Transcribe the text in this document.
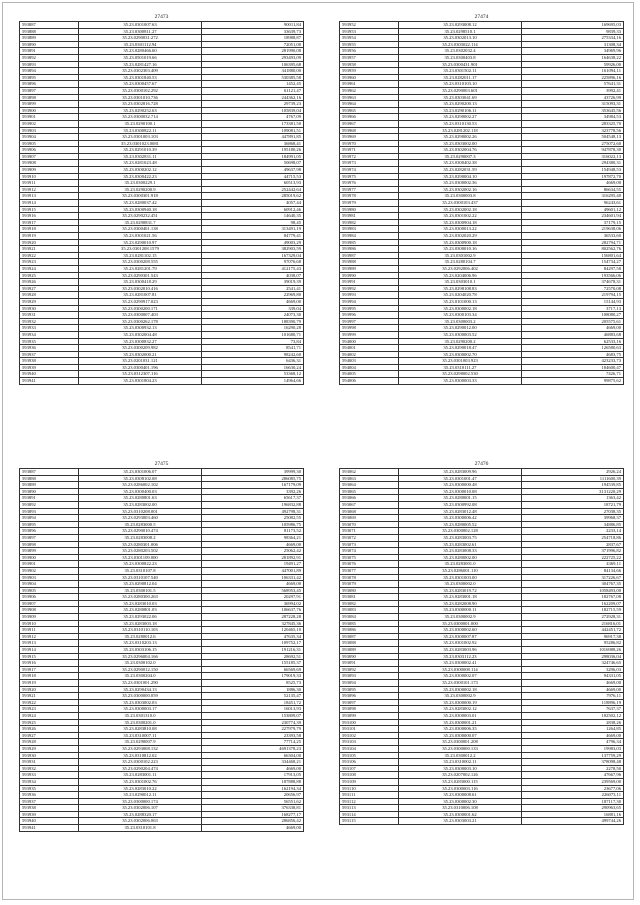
27473
593887	35.23.0301007.63	90011,84
593888	35.23.0300811.27	33639,73
593889	35.23.0290031.272	18988,87
593890	35.23.0301112.94	72051,00
593891	35.23.0280466.60	281990,08
593892	35.23.0501019.66	293493,09
593893	35.23.0281427.16	106395,68
593894	35.23.0302303.409	341880,00
593895	35.23.0301840.53	530385,58
593896	35.23.0300457.67	1452,45
593897	35.23.0300102.292	61121,47
593898	35.23.0301010.736	244362,16
593899	35.23.0302816.728	29739,23
593900	35.23.0290252.63	105839,04
593901	35.23.0300032.714	4767,09
593902	35.23.0290100.1	173381,50
593903	35.23.0300822.11	109081,51
593904	35.23.0301003.103	447891,85
593905	35.23.0301023.0081	36868,41
593906	35.23.0291010.39	195180,26
593907	35.23.0302831.11	184991,05
593908	35.23.0281023.48	50698,07
593909	35.23.0300202.12	49637,98
593910	35.23.0300422.23	44715,53
593911	35.23.0300229.1	60513,93
593912	35.23.0290200.9	252442,64
593913	35.23.0300301.918	285019,62
593914	35.23.0280037.42	4057,44
593915	35.23.0300940.18	60912,46
593916	35.23.0290232.451	14640,35
593917	35.23.0290831.7	98,45
593918	35.23.0300401.138	313491,19
593919	35.23.0301021.56	84779,41
593920	35.23.0290010.97	49003,29
593921	35.23.0301208.1579	382903,59
593922	35.23.0281102.15	167329,04
593923	35.23.0300208.555	97076,68
593924	35.23.0281201.79	412175,43
593925	35.23.0290301.543	4038,07
593926	35.23.0300418.29	39019,39
593927	35.23.0302010.416	2541,41
593928	35.23.0281007.81	22969,80
593929	35.23.0290917.023	4669,00
593930	35.23.0300200.171	339,04
593931	35.23.0300007.403	24073,30
593932	35.23.0300262.178	188390,79
593933	35.23.0300932.13	16290,28
593934	35.23.0302004.48	101680,71
593935	35.23.0300832.27	73,84
593936	35.23.0300209.982	8541,71
593937	35.23.0302000.21	98242,60
593938	35.23.0201031.121	6436,31
593939	35.23.0300401.196	16630,24
593940	35.23.0312307.116	53368,12
593941	35.23.0301804.23	14964,66
27474
593952	35.23.0293008.12	169695,03
593953	35.23.0298510.1	9839,33
593954	35.23.0302013.10	275334,16
593955	35.23.0303022.114	31308,34
593956	35.23.0302032.4	34969,96
593957	35.23.0300403.8	164638,22
593958	35.23.0300431.901	59926,00
593959	35.23.0301502.11	161094,11
593960	35.23.0282011.17	225896,16
593961	35.23.0310103.10	57641,31
593962	35.23.0290003.601	3992,41
593963	35.23.0303041.69	43726,99
593964	35.23.0290200.13	315093,31
593965	35.23.0290106.11	353645,56
593966	35.23.0290002.27	34984,53
593967	35.23.0310130.53	283325,70
593968	35.23.0281202.118	323778,56
593969	35.23.0290002.26	504548,13
593970	35.23.0303002.00	275072,60
593971	35.23.0302004.76	947878,30
593972	35.23.0290007.3	316022,13
593973	35.23.0300402.38	294380,31
593974	35.23.0282031.59	154948,53
593975	35.23.0290004.10	197872,70
593976	35.23.0300002.36	4669,00
593977	35.23.0302002.16	86634,55
593978	35.23.0300003.8	316295,40
593979	35.23.0300103.437	96243,61
593980	35.23.0302002.18	49601,12
593981	35.23.0301002.22	234601,94
593982	35.23.0300904.18	37179,15
593983	35.23.0300013.22	219638,06
593984	35.23.0302020.29	36533,60
593985	35.23.0300900.18	282794,71
593986	35.23.0300010.16	802562,76
593987	35.23.0301002.9	156801,64
593988	35.23.0280104.7	154734,27
593989	35.23.0292006.402	84297,58
593990	35.23.0204006.96	193566,06
593991	35.23.0303010.1	374678,31
593992	35.23.0298108.83	72570,08
593993	35.23.0204020.78	219794,15
593994	35.23.0101000.13	15144,93
593995	35.23.0300002.18	3717,13
593996	35.23.0300103.34	108080,27
593997	35.23.0300003.2	205575,61
593998	35.23.0290012.00	4669,00
593999	35.23.0300003.52	46883,68
594000	35.23.0290200.2	62533,16
594001	35.23.0290018.47	126580,63
594002	35.23.0300002.70	4683,75
594003	35.23.0301003.923	423233,73
594004	35.23.0310111.27	184600,47
594005	35.23.0298002.530	7426,71
594006	35.23.0300003.33	99875,62
27475
593887	35.23.0301006.07	39999,30
593888	35.23.0308102.08	286085,75
593889	35.23.0286002.102	167179,09
593890	35.23.0300400.03	3392,26
593891	35.23.0280801.63	65617,37
593892	35.23.0283002.00	196832,88
593893	35.23.0310208.001	492798,31
593894	35.23.0293003.460	25082,55
593895	35.23.0283000.5	105986,75
593896	35.23.0290010.474	81173,52
593897	35.23.0283008.2	98364,21
593898	35.23.0280301.006	4669,00
593899	35.23.0280203.502	25062,42
593900	35.23.0301109.000	281892,91
593901	35.23.0300822.23	19491,27
593902	35.23.0310107.8	447001,89
593903	35.23.0310107.540	106331,42
593904	35.23.0290812.04	4669,00
593905	35.23.0300101.5	568953,45
593906	35.23.0280300.263	20297,91
593907	35.23.0283010.03	36994,02
593908	35.23.0280801.03	106637,76
593909	35.23.0293022.06	287228,28
593910	35.23.0283003.18	327845,36
593911	35.23.0310110.103	120465,10
593912	35.23.0280012.6	47635,34
593913	35.23.0310203.13	109752,17
593914	35.23.0303106.15	191216,31
593915	35.23.0296004.166	28692,51
593916	35.23.0300102.0	155185,37
593917	35.23.0290012.150	66569,69
593918	35.23.0300204.0	179019,33
593919	35.23.0301001.290	8525,73
593920	35.23.0290434.13	1886,30
593921	35.23.0300000.059	52135,47
593922	35.23.0303002.03	18451,72
593923	35.23.0300003.17	16013,93
593924	35.23.0301310.0	153809,07
593925	35.23.0300201.0	230774,39
593926	35.23.0283810.08	227979,79
593927	35.23.0310007.11	23393,58
593928	35.23.0290007.9	77714,25
593929	35.23.0293008.132	4691378,23
593930	35.23.0310812.02	66304,00
593931	35.23.0300102.223	334468,21
593932	35.23.0290204.474	4669,00
593933	35.23.0283001.11	17913,05
593934	35.23.0301002.76	187888,88
593935	35.23.0283010.22	162194,34
593936	35.23.0290012.11	20656,97
593937	35.23.0300000.174	56551,62
593938	35.23.0302006.107	376338,81
593939	35.23.0288320.17	168277,17
593940	35.23.0302006.063	286856,42
593941	35.23.0310101.8	4669,00
27476
593062	35.23.0283009.96	2926,24
593063	35.23.0301001.47	1111600,39
593064	35.23.0300000.48	194539,85
593065	35.23.0300010.08	3131220,29
593066	35.23.0280001.15	1363,42
593067	35.23.0300992.08	18721,79
593068	35.23.0283012.48	27038,35
593069	35.23.0300006.42	39968,37
593070	35.23.0280005.52	34886,85
593071	35.23.0300002.128	2233,14
593072	35.23.0283003.75	254718,86
593073	35.23.0283002.61	2837,67
593074	35.23.0283008.33	371996,82
593075	35.23.0280002.00	222725,22
593076	35.23.0283001.0	4369,11
593077	35.23.0286001.110	84134,66
593078	35.23.0301003.00	317226,67
593079	35.23.0300002.0	304767,35
593080	35.23.0283019.72	1058493,00
593081	35.23.0283001.18	182767,08
593082	35.23.0282008.90	162209,07
593083	35.23.0300000.11	182715,59
593084	35.23.0300002.9	272928,31
593085	35.23.0300001.000	216816,01
593086	35.23.0300002.60	442451,72
593087	35.23.0300007.87	96917,38
593088	35.23.0301002.92	95286,82
593089	35.23.0283003.96	1016988,26
593090	35.23.0303112.23	298036,04
593091	35.23.0300002.41	324746,65
593092	35.23.0300008.114	3296,03
593093	35.23.0300002.07	94331,05
593094	35.23.0300101.173	4669,00
593095	35.23.0300002.18	4669,00
593096	35.23.0300002.9	7976,11
593097	35.23.0300000.19	118896,19
593098	35.23.0283002.12	7637,37
593099	35.23.0300003.01	182502,12
593100	35.23.0300001.21	2838,26
593101	35.23.0300006.35	1264,85
593102	35.23.0300000.07	4669,00
593103	35.23.0300001.208	4796,34
593104	35.23.0300000.133	19983,03
593105	35.23.0300012.2	137759,29
593106	35.23.0310002.11	378098,48
593107	35.23.0300003.10	2278,50
593108	35.23.0207002.126	47667,96
593109	35.23.0283000.115	239569,00
593110	35.23.0300003.116	23677,06
593111	35.23.0300008.61	226073,11
593112	35.23.0300002.30	187117,30
593113	35.23.0310006.108	290963,65
593114	35.23.0300001.62	16881,16
593115	35.23.0303003.21	499744,26
